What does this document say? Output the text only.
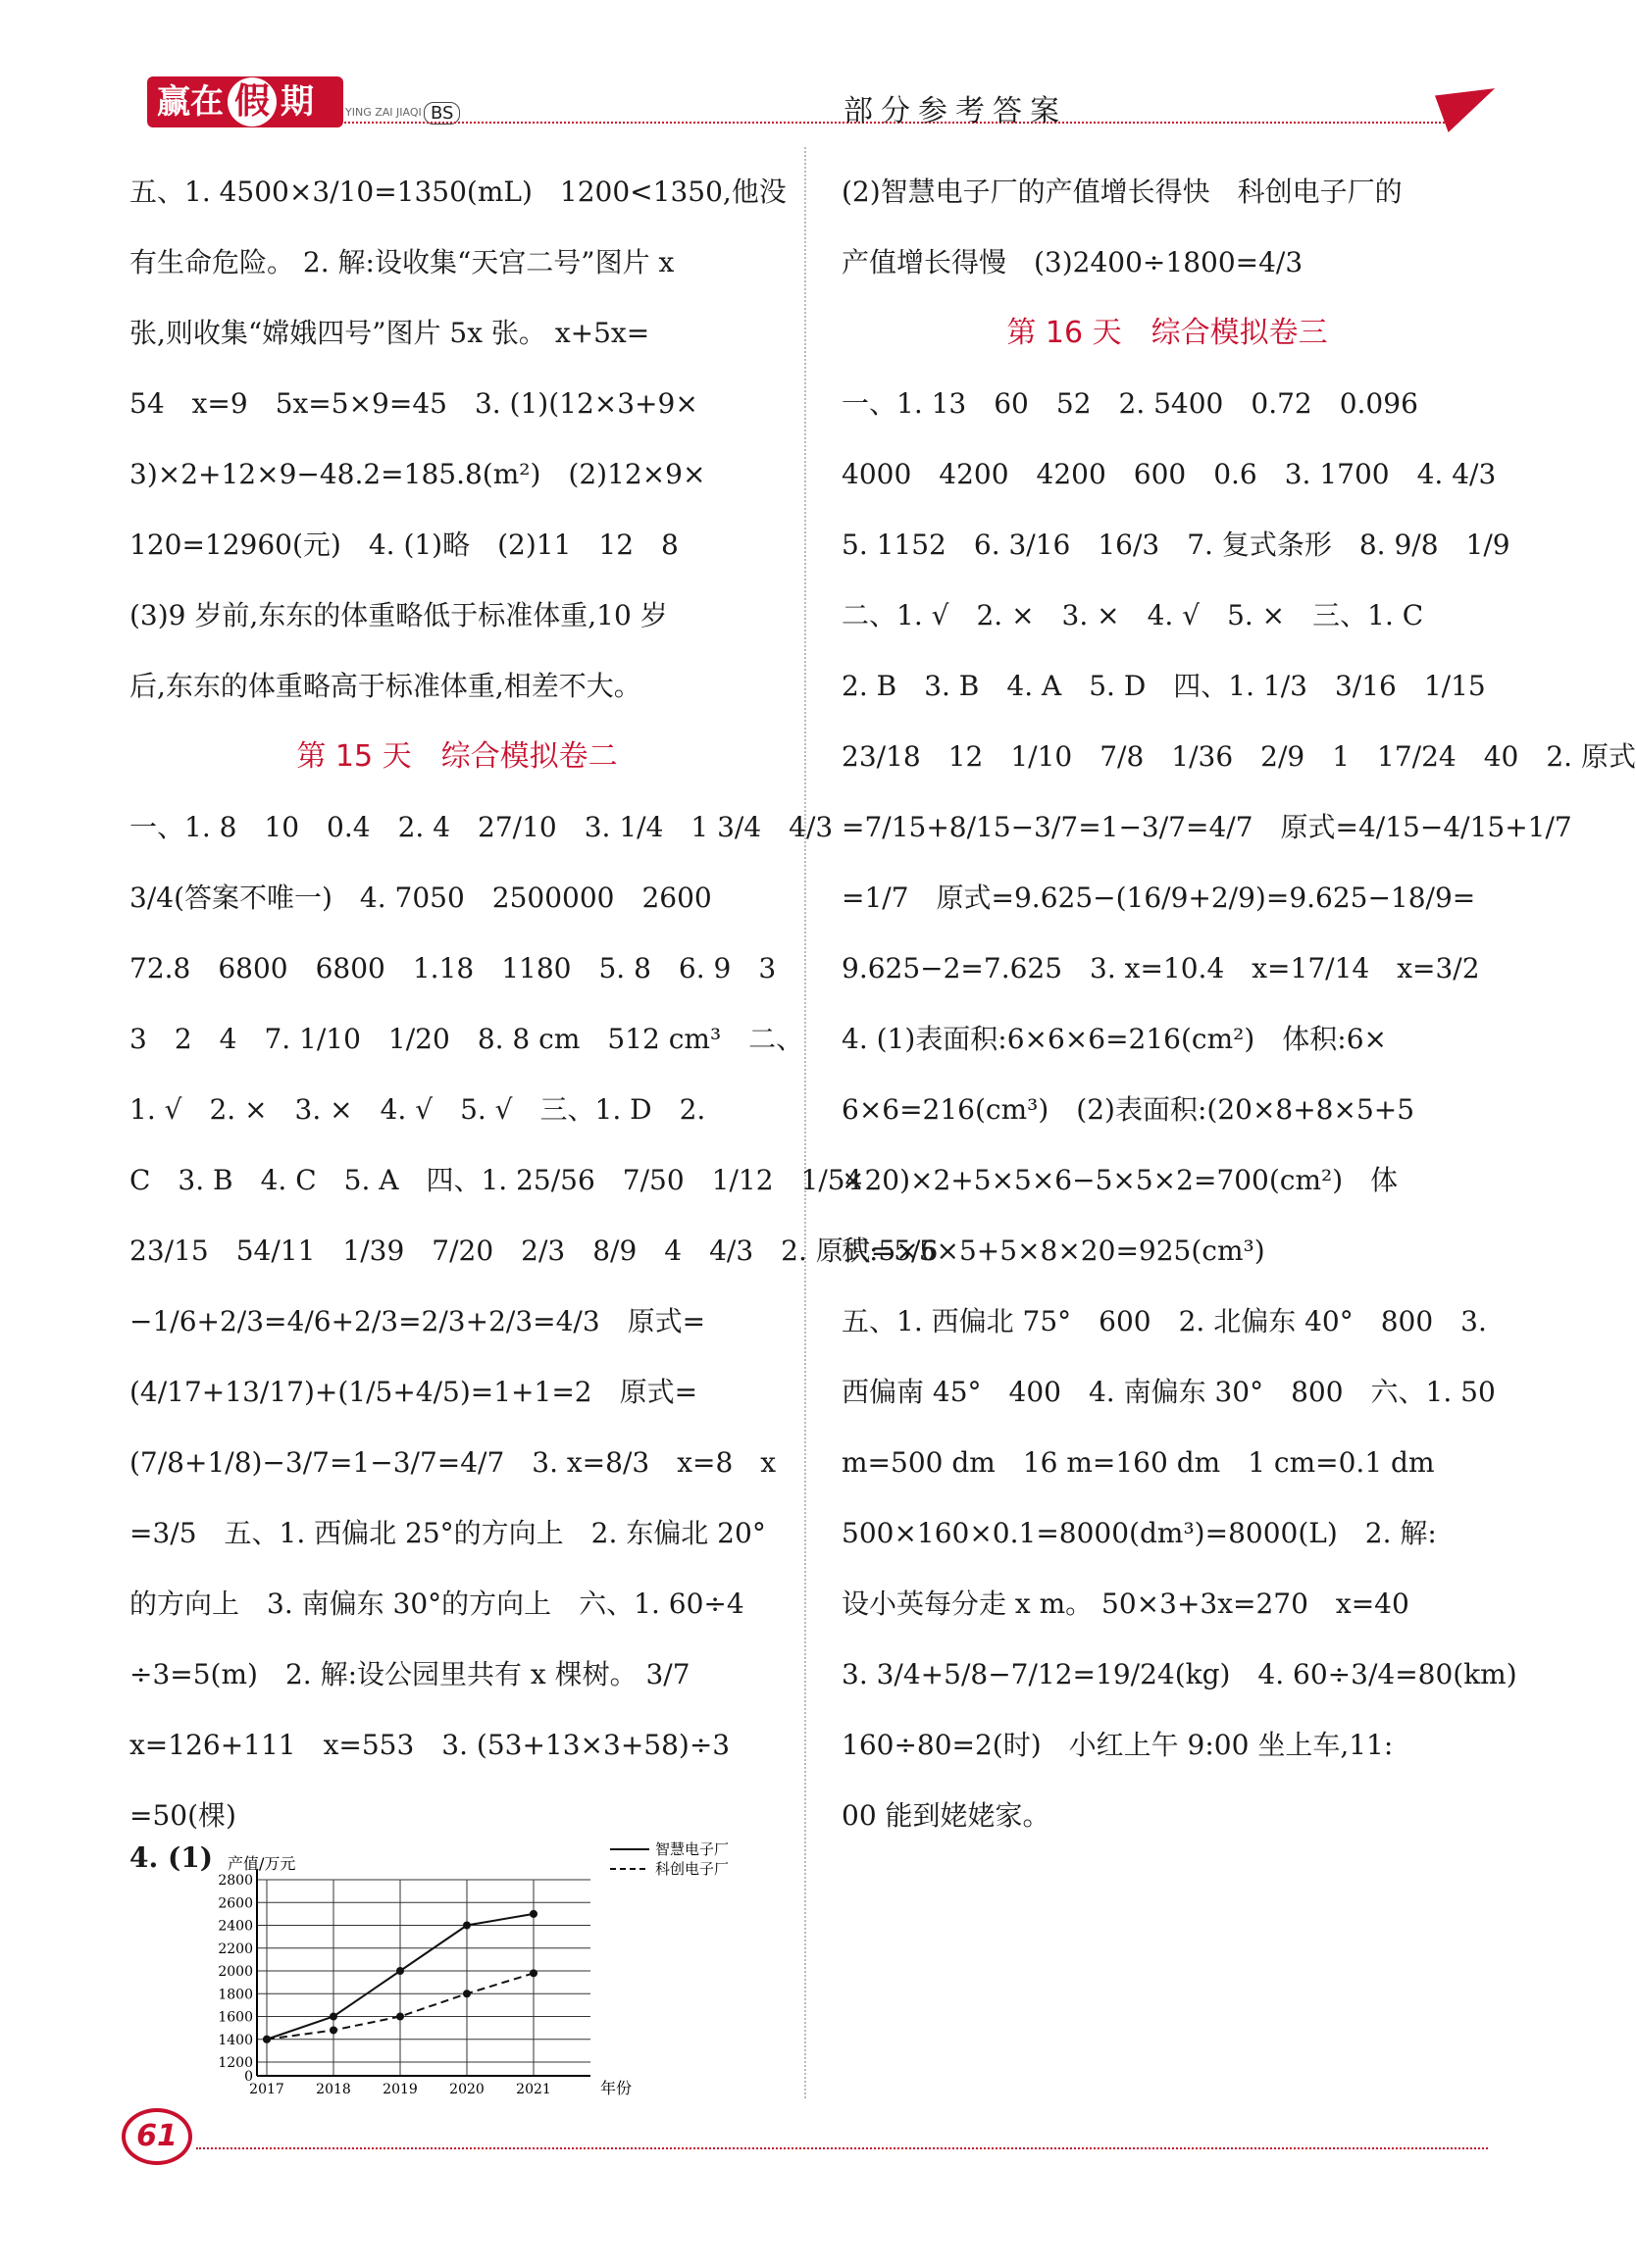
赢在 假 期	YING ZAI JIAQI BS	部分参考答案
五、1. 4500×3/10=1350(mL)　1200<1350,他没
有生命危险。 2. 解:设收集“天宫二号”图片 x
张,则收集“嫦娥四号”图片 5x 张。 x+5x=
54　x=9　5x=5×9=45　3. (1)(12×3+9×
3)×2+12×9−48.2=185.8(m²)　(2)12×9×
120=12960(元)　4. (1)略　(2)11　12　8
(3)9 岁前,东东的体重略低于标准体重,10 岁
后,东东的体重略高于标准体重,相差不大。
第 15 天　综合模拟卷二
一、1. 8　10　0.4　2. 4　27/10　3. 1/4　1 3/4　4/3
3/4(答案不唯一)　4. 7050　2500000　2600
72.8　6800　6800　1.18　1180　5. 8　6. 9　3
3　2　4　7. 1/10　1/20　8. 8 cm　512 cm³　二、
1. √　2. ×　3. ×　4. √　5. √　三、1. D　2.
C　3. B　4. C　5. A　四、1. 25/56　7/50　1/12　1/54
23/15　54/11　1/39　7/20　2/3　8/9　4　4/3　2. 原式=5/6
−1/6+2/3=4/6+2/3=2/3+2/3=4/3　原式=
(4/17+13/17)+(1/5+4/5)=1+1=2　原式=
(7/8+1/8)−3/7=1−3/7=4/7　3. x=8/3　x=8　x
=3/5　五、1. 西偏北 25°的方向上　2. 东偏北 20°
的方向上　3. 南偏东 30°的方向上　六、1. 60÷4
÷3=5(m)　2. 解:设公园里共有 x 棵树。 3/7
x=126+111　x=553　3. (53+13×3+58)÷3
=50(棵)
(2)智慧电子厂的产值增长得快　科创电子厂的
产值增长得慢　(3)2400÷1800=4/3
第 16 天　综合模拟卷三
一、1. 13　60　52　2. 5400　0.72　0.096
4000　4200　4200　600　0.6　3. 1700　4. 4/3
5. 1152　6. 3/16　16/3　7. 复式条形　8. 9/8　1/9
二、1. √　2. ×　3. ×　4. √　5. ×　三、1. C
2. B　3. B　4. A　5. D　四、1. 1/3　3/16　1/15
23/18　12　1/10　7/8　1/36　2/9　1　17/24　40　2. 原式
=7/15+8/15−3/7=1−3/7=4/7　原式=4/15−4/15+1/7
=1/7　原式=9.625−(16/9+2/9)=9.625−18/9=
9.625−2=7.625　3. x=10.4　x=17/14　x=3/2
4. (1)表面积:6×6×6=216(cm²)　体积:6×
6×6=216(cm³)　(2)表面积:(20×8+8×5+5
×20)×2+5×5×6−5×5×2=700(cm²)　体
积:5×5×5+5×8×20=925(cm³)
五、1. 西偏北 75°　600　2. 北偏东 40°　800　3.
西偏南 45°　400　4. 南偏东 30°　800　六、1. 50
m=500 dm　16 m=160 dm　1 cm=0.1 dm
500×160×0.1=8000(dm³)=8000(L)　2. 解:
设小英每分走 x m。 50×3+3x=270　x=40
3. 3/4+5/8−7/12=19/24(kg)　4. 60÷3/4=80(km)
160÷80=2(时)　小红上午 9:00 坐上车,11:
00 能到姥姥家。
4. (1) 产值/万元
年份
0
1200
1400
1600
1800
2000
2200
2400
2600
2800
2017 2018 2019 2020 2021
智慧电子厂
科创电子厂
61
